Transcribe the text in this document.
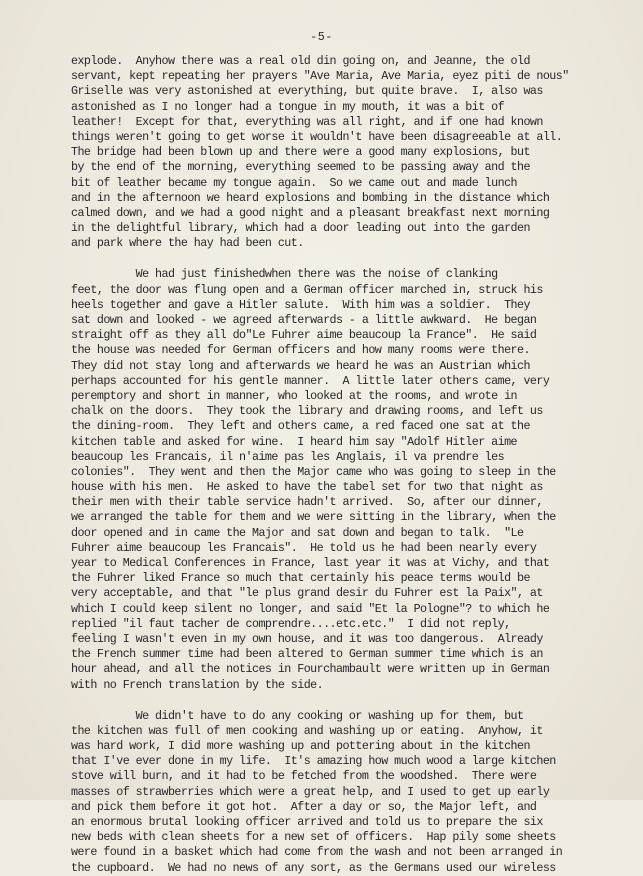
-5-
explode.  Anyhow there was a real old din going on, and Jeanne, the old
servant, kept repeating her prayers "Ave Maria, Ave Maria, eyez piti de nous"
Griselle was very astonished at everything, but quite brave.  I, also was
astonished as I no longer had a tongue in my mouth, it was a bit of
leather!  Except for that, everything was all right, and if one had known
things weren't going to get worse it wouldn't have been disagreeable at all.
The bridge had been blown up and there were a good many explosions, but
by the end of the morning, everything seemed to be passing away and the
bit of leather became my tongue again.  So we came out and made lunch
and in the afternoon we heard explosions and bombing in the distance which
calmed down, and we had a good night and a pleasant breakfast next morning
in the delightful library, which had a door leading out into the garden
and park where the hay had been cut.
We had just finishedwhen there was the noise of clanking
feet, the door was flung open and a German officer marched in, struck his
heels together and gave a Hitler salute.  With him was a soldier.  They
sat down and looked - we agreed afterwards - a little awkward.  He began
straight off as they all do"Le Fuhrer aime beaucoup la France".  He said
the house was needed for German officers and how many rooms were there.
They did not stay long and afterwards we heard he was an Austrian which
perhaps accounted for his gentle manner.  A little later others came, very
peremptory and short in manner, who looked at the rooms, and wrote in
chalk on the doors.  They took the library and drawing rooms, and left us
the dining-room.  They left and others came, a red faced one sat at the
kitchen table and asked for wine.  I heard him say "Adolf Hitler aime
beaucoup les Francais, il n'aime pas les Anglais, il va prendre les
colonies".  They went and then the Major came who was going to sleep in the
house with his men.  He asked to have the tabel set for two that night as
their men with their table service hadn't arrived.  So, after our dinner,
we arranged the table for them and we were sitting in the library, when the
door opened and in came the Major and sat down and began to talk.  "Le
Fuhrer aime beaucoup les Francais".  He told us he had been nearly every
year to Medical Conferences in France, last year it was at Vichy, and that
the Fuhrer liked France so much that certainly his peace terms would be
very acceptable, and that "le plus grand desir du Fuhrer est la Paix", at
which I could keep silent no longer, and said "Et la Pologne"? to which he
replied "il faut tacher de comprendre....etc.etc."  I did not reply,
feeling I wasn't even in my own house, and it was too dangerous.  Already
the French summer time had been altered to German summer time which is an
hour ahead, and all the notices in Fourchambault were written up in German
with no French translation by the side.
We didn't have to do any cooking or washing up for them, but
the kitchen was full of men cooking and washing up or eating.  Anyhow, it
was hard work, I did more washing up and pottering about in the kitchen
that I've ever done in my life.  It's amazing how much wood a large kitchen
stove will burn, and it had to be fetched from the woodshed.  There were
masses of strawberries which were a great help, and I used to get up early
and pick them before it got hot.  After a day or so, the Major left, and
an enormous brutal looking officer arrived and told us to prepare the six
new beds with clean sheets for a new set of officers.  Hap pily some sheets
were found in a basket which had come from the wash and not been arranged in
the cupboard.  We had no news of any sort, as the Germans used our wireless
